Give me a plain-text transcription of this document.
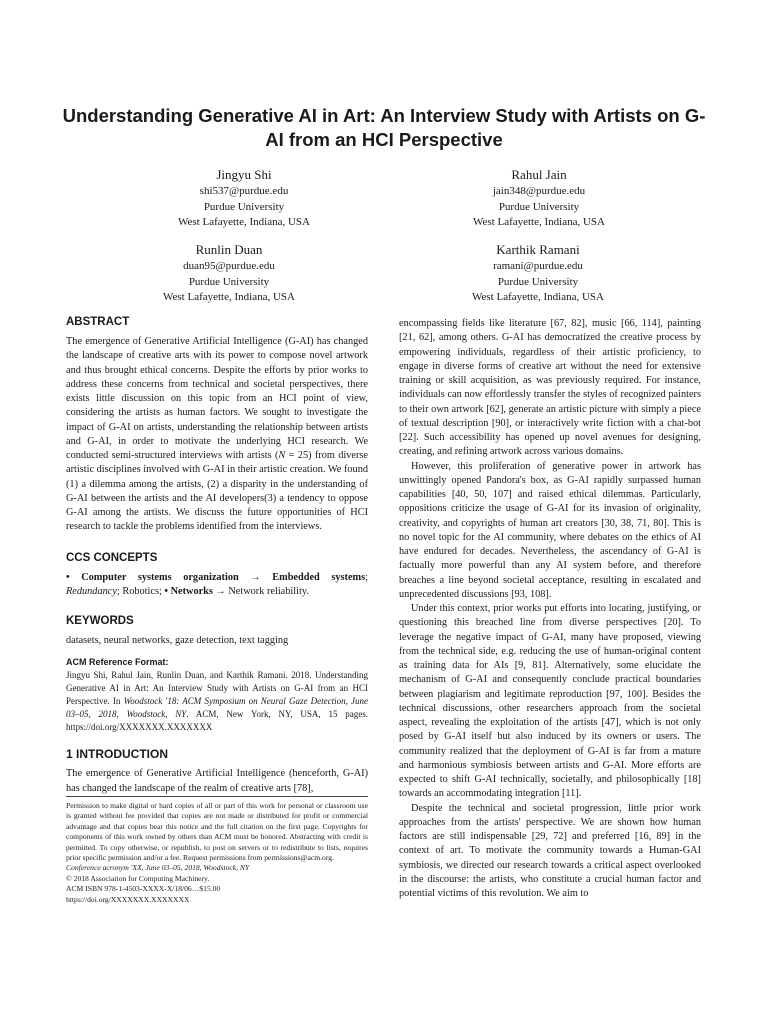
Understanding Generative AI in Art: An Interview Study with Artists on G-AI from an HCI Perspective
Jingyu Shi
shi537@purdue.edu
Purdue University
West Lafayette, Indiana, USA
Rahul Jain
jain348@purdue.edu
Purdue University
West Lafayette, Indiana, USA
Runlin Duan
duan95@purdue.edu
Purdue University
West Lafayette, Indiana, USA
Karthik Ramani
ramani@purdue.edu
Purdue University
West Lafayette, Indiana, USA
ABSTRACT

The emergence of Generative Artificial Intelligence (G-AI) has changed the landscape of creative arts with its power to compose novel artwork and thus brought ethical concerns. Despite the efforts by prior works to address these concerns from technical and societal perspectives, there exists little discussion on this topic from an HCI point of view, considering the artists as human factors. We sought to investigate the impact of G-AI on artists, understanding the relationship between artists and G-AI, in order to motivate the underlying HCI research. We conducted semi-structured interviews with artists (N = 25) from diverse artistic disciplines involved with G-AI in their artistic creation. We found (1) a dilemma among the artists, (2) a disparity in the understanding of G-AI between the artists and the AI developers(3) a tendency to oppose G-AI among the artists. We discuss the future opportunities of HCI research to tackle the problems identified from the interviews.

CCS CONCEPTS

• Computer systems organization → Embedded systems; Redundancy; Robotics; • Networks → Network reliability.

KEYWORDS

datasets, neural networks, gaze detection, text tagging

ACM Reference Format:

Jingyu Shi, Rahul Jain, Runlin Duan, and Karthik Ramani. 2018. Understanding Generative AI in Art: An Interview Study with Artists on G-AI from an HCI Perspective. In Woodstock '18: ACM Symposium on Neural Gaze Detection, June 03–05, 2018, Woodstock, NY. ACM, New York, NY, USA, 15 pages. https://doi.org/XXXXXXX.XXXXXXX

1 INTRODUCTION

The emergence of Generative Artificial Intelligence (henceforth, G-AI) has changed the landscape of the realm of creative arts [78],

Permission to make digital or hard copies of all or part of this work for personal or classroom use is granted without fee provided that copies are not made or distributed for profit or commercial advantage and that copies bear this notice and the full citation on the first page. Copyrights for components of this work owned by others than ACM must be honored. Abstracting with credit is permitted. To copy otherwise, or republish, to post on servers or to redistribute to lists, requires prior specific permission and/or a fee. Request permissions from permissions@acm.org.
Conference acronym 'XX, June 03–05, 2018, Woodstock, NY
© 2018 Association for Computing Machinery.
ACM ISBN 978-1-4503-XXXX-X/18/06…$15.00
https://doi.org/XXXXXXX.XXXXXXX

encompassing fields like literature [67, 82], music [66, 114], painting [21, 62], among others. G-AI has democratized the creative process by empowering individuals, regardless of their artistic proficiency, to engage in diverse forms of creative art without the need for extensive training or skill acquisition, as was previously required. For instance, individuals can now effortlessly transfer the styles of recognized painters to their own artwork [62], generate an artistic picture with simply a piece of textual description [90], or interactively write fiction with a chat-bot [22]. Such accessibility has opened up novel avenues for designing, creating, and refining artwork across various domains.

However, this proliferation of generative power in artwork has unwittingly opened Pandora's box, as G-AI rapidly surpassed human capabilities [40, 50, 107] and raised ethical dilemmas. Particularly, oppositions criticize the usage of G-AI for its invasion of originality, creativity, and copyrights of human art creators [30, 38, 71, 80]. This is no novel topic for the AI community, where debates on the ethics of AI have endured for decades. Nevertheless, the ascendancy of G-AI is factually more powerful than any AI system before, and therefore breaches a line beyond societal acceptance, resulting in escalated and unprecedented discussions [93, 108].

Under this context, prior works put efforts into locating, justifying, or questioning this breached line from diverse perspectives [20]. To leverage the negative impact of G-AI, many have proposed, viewing from the technical side, e.g. reducing the use of human-original content as training data for AIs [9, 81]. Alternatively, some elucidate the mechanism of G-AI and consequently conclude practical boundaries between plagiarism and legitimate reproduction [97, 100]. Besides the technical discussions, other researchers approach from the societal aspect, revealing the exploitation of the artists [47], which is not only posed by G-AI itself but also induced by its owners or users. The community realized that the deployment of G-AI is far from a mature and harmonious symbiosis between artists and G-AI. More efforts are expected to shift G-AI technically, societally, and philosophically [18] towards an accommodating integration [11].

Despite the technical and societal progression, little prior work approaches from the artists' perspective. We are shown how human factors are still indispensable [29, 72] and preferred [16, 89] in the context of art. To motivate the community towards a Human-GAI symbiosis, we directed our research towards a critical aspect overlooked in the discourse: the artists, who constitute a crucial human factor and potential victims of this revolution. We aim to
